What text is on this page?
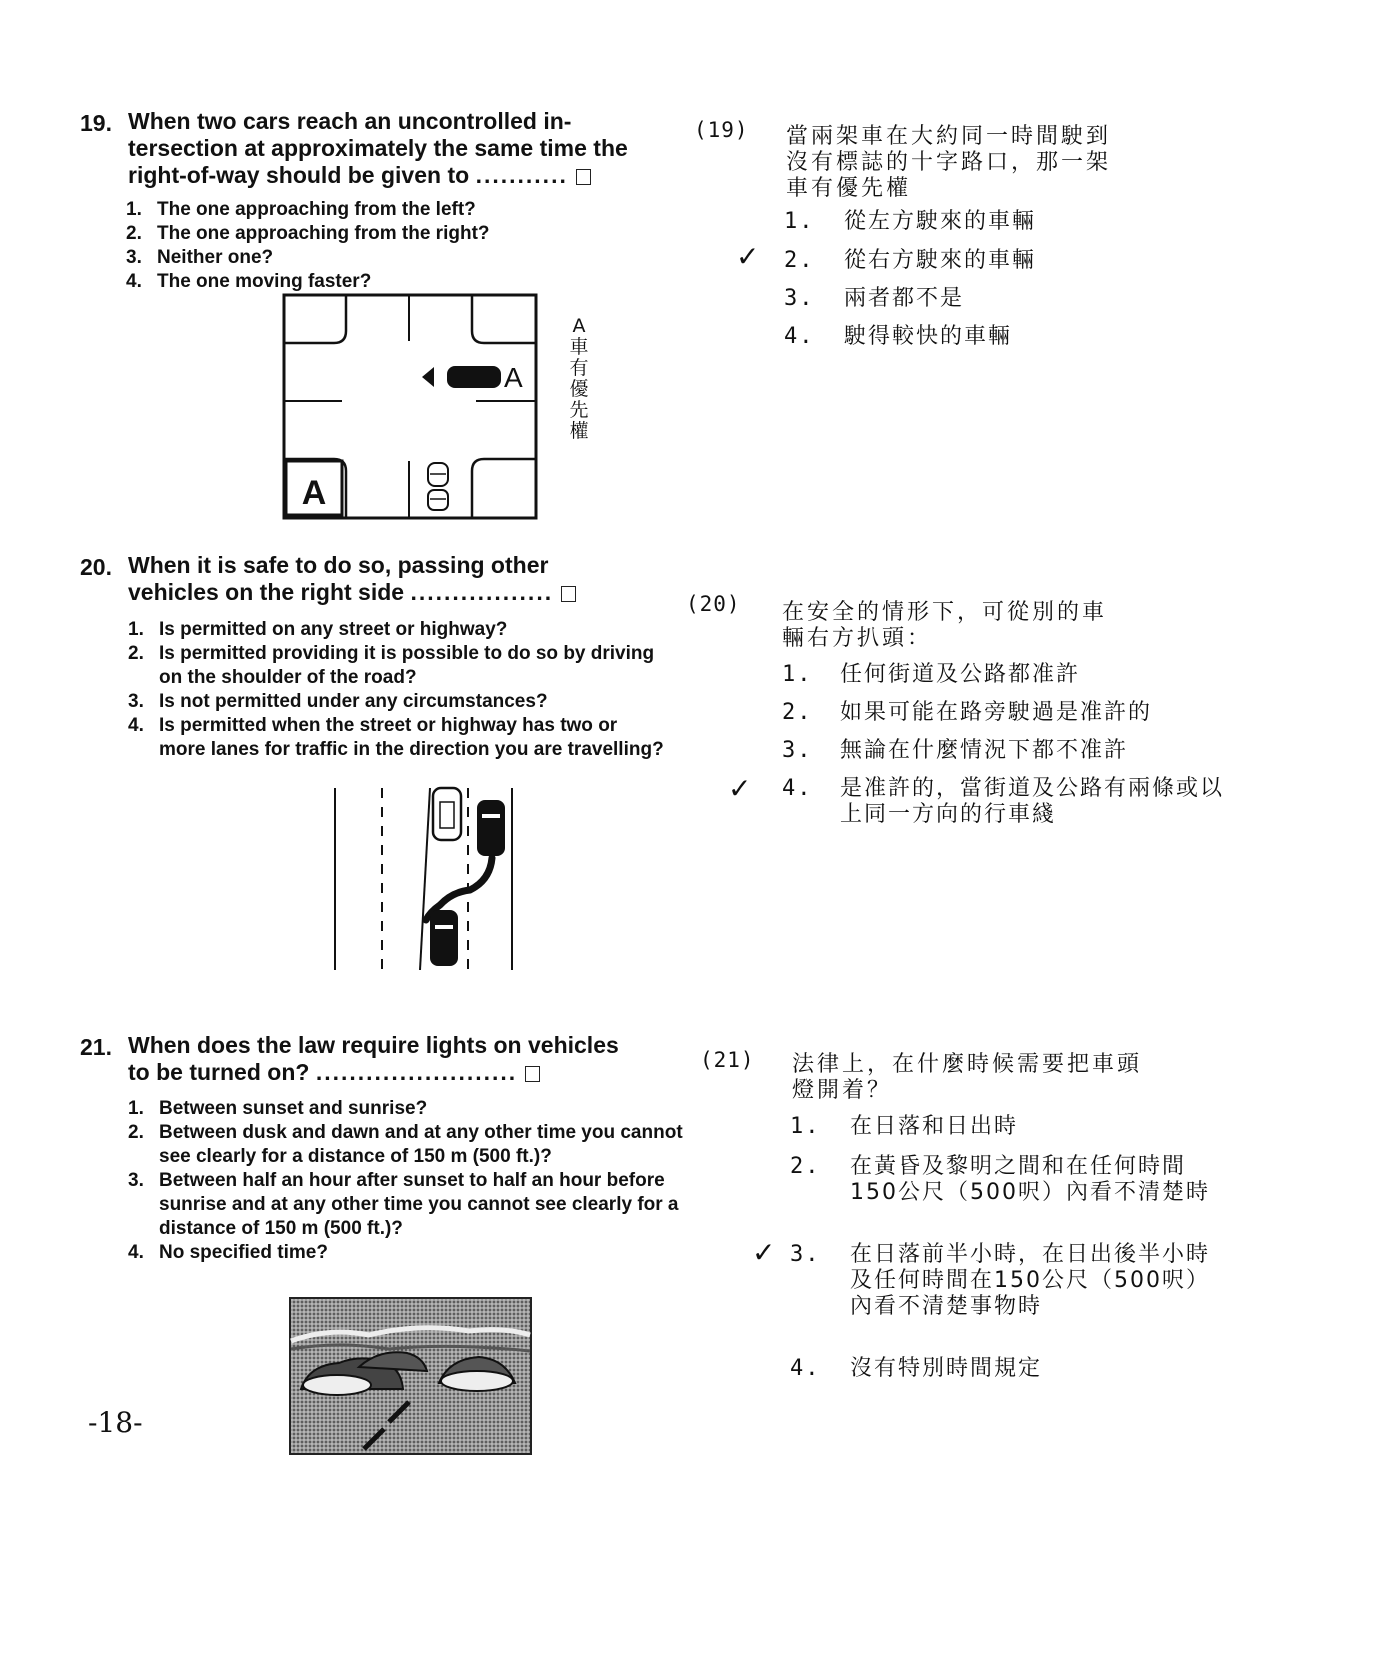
19. When two cars reach an uncontrolled in-
tersection at approximately the same time the
right-of-way should be given to ...........
1. The one approaching from the left?
2. The one approaching from the right?
3. Neither one?
4. The one moving faster?
A
A
A
車
有
優
先
權
20. When it is safe to do so, passing other
vehicles on the right side .................
1. Is permitted on any street or highway?
2. Is permitted providing it is possible to do so by driving on the shoulder of the road?
3. Is not permitted under any circumstances?
4. Is permitted when the street or highway has two or more lanes for traffic in the direction you are travelling?
21. When does the law require lights on vehicles
to be turned on? ........................
1. Between sunset and sunrise?
2. Between dusk and dawn and at any other time you cannot see clearly for a distance of 150 m (500 ft.)?
3. Between half an hour after sunset to half an hour before sunrise and at any other time you cannot see clearly for a distance of 150 m (500 ft.)?
4. No specified time?
-18-
(19) 當兩架車在大約同一時間駛到
沒有標誌的十字路口，那一架
車有優先權
1.	從左方駛來的車輛
✓ 2.	從右方駛來的車輛
3.	兩者都不是
4.	駛得較快的車輛
(20) 在安全的情形下，可從別的車
輛右方扒頭：
1.	任何街道及公路都准許
2.	如果可能在路旁駛過是准許的
3.	無論在什麼情況下都不准許
✓ 4.	是准許的，當街道及公路有兩條或以上同一方向的行車綫
(21) 法律上，在什麼時候需要把車頭
燈開着？
1.	在日落和日出時
2.	在黃昏及黎明之間和在任何時間150公尺（500呎）內看不清楚時
✓ 3.	在日落前半小時，在日出後半小時及任何時間在150公尺（500呎）內看不清楚事物時
4.	沒有特別時間規定
